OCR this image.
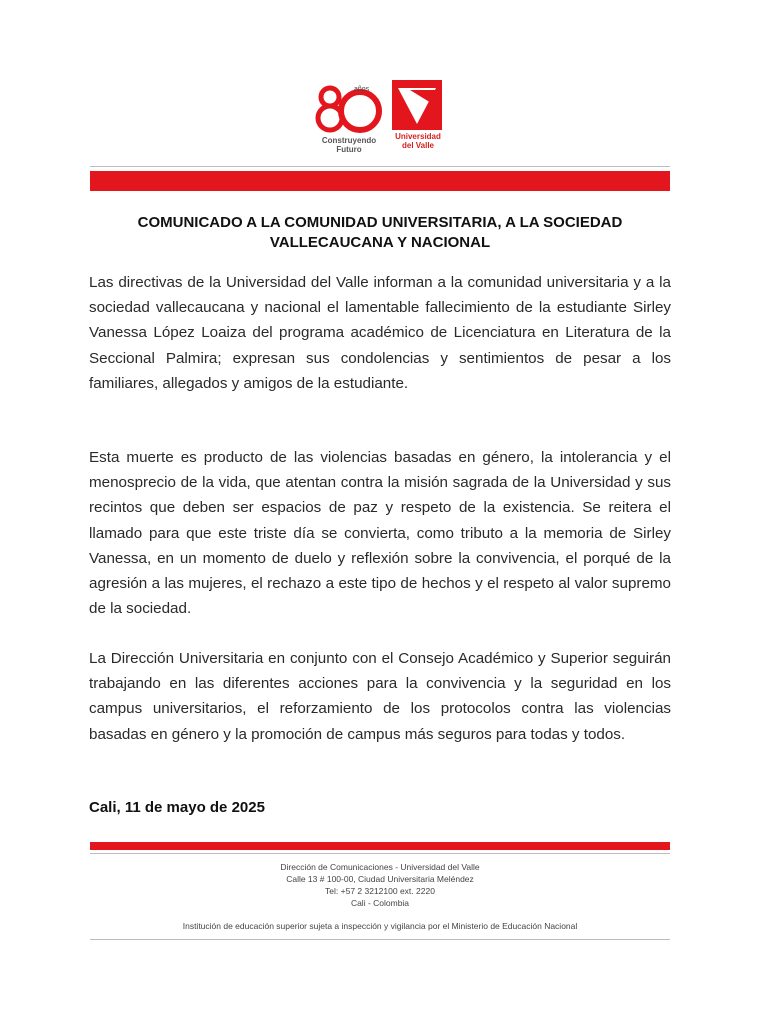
años
Construyendo
Futuro
Universidad
del Valle
COMUNICADO A LA COMUNIDAD UNIVERSITARIA, A LA SOCIEDAD
VALLECAUCANA Y NACIONAL

Las directivas de la Universidad del Valle informan a la comunidad universitaria y a la sociedad vallecaucana y nacional el lamentable fallecimiento de la estudiante Sirley Vanessa López Loaiza del programa académico de Licenciatura en Literatura de la Seccional Palmira; expresan sus condolencias y sentimientos de pesar a los familiares, allegados y amigos de la estudiante.

Esta muerte es producto de las violencias basadas en género, la intolerancia y el menosprecio de la vida, que atentan contra la misión sagrada de la Universidad y sus recintos que deben ser espacios de paz y respeto de la existencia. Se reitera el llamado para que este triste día se convierta, como tributo a la memoria de Sirley Vanessa, en un momento de duelo y reflexión sobre la convivencia, el porqué de la agresión a las mujeres, el rechazo a este tipo de hechos y el respeto al valor supremo de la sociedad.

La Dirección Universitaria en conjunto con el Consejo Académico y Superior seguirán trabajando en las diferentes acciones para la convivencia y la seguridad en los campus universitarios, el reforzamiento de los protocolos contra las violencias basadas en género y la promoción de campus más seguros para todas y todos.

Cali, 11 de mayo de 2025

Dirección de Comunicaciones - Universidad del Valle
Calle 13 # 100-00, Ciudad Universitaria Meléndez
Tel: +57 2 3212100 ext. 2220
Cali - Colombia

Institución de educación superior sujeta a inspección y vigilancia por el Ministerio de Educación Nacional
